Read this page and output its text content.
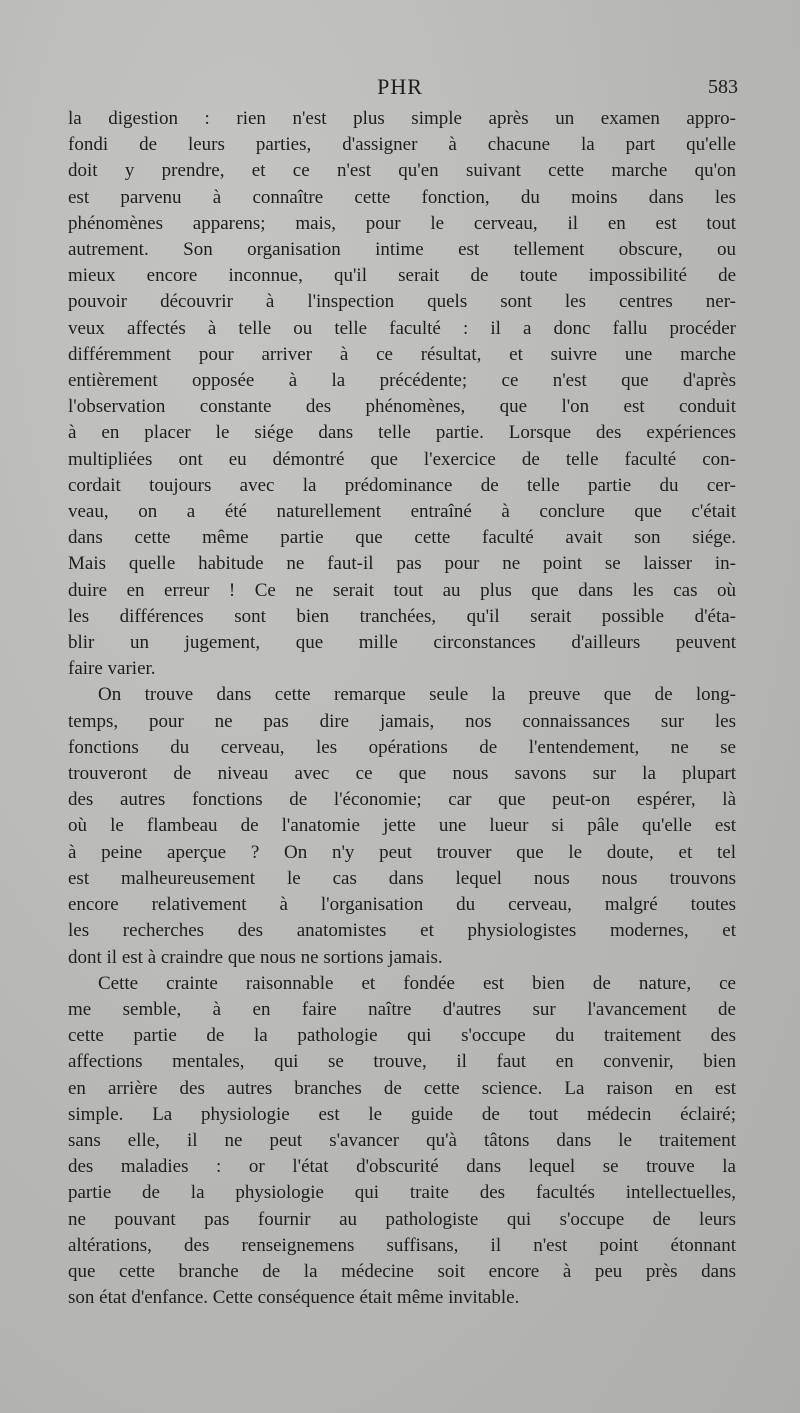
PHR	583

la digestion : rien n'est plus simple après un examen appro-
fondi de leurs parties, d'assigner à chacune la part qu'elle
doit y prendre, et ce n'est qu'en suivant cette marche qu'on
est parvenu à connaître cette fonction, du moins dans les
phénomènes apparens; mais, pour le cerveau, il en est tout
autrement. Son organisation intime est tellement obscure, ou
mieux encore inconnue, qu'il serait de toute impossibilité de
pouvoir découvrir à l'inspection quels sont les centres ner-
veux affectés à telle ou telle faculté : il a donc fallu procéder
différemment pour arriver à ce résultat, et suivre une marche
entièrement opposée à la précédente; ce n'est que d'après
l'observation constante des phénomènes, que l'on est conduit
à en placer le siége dans telle partie. Lorsque des expériences
multipliées ont eu démontré que l'exercice de telle faculté con-
cordait toujours avec la prédominance de telle partie du cer-
veau, on a été naturellement entraîné à conclure que c'était
dans cette même partie que cette faculté avait son siége.
Mais quelle habitude ne faut-il pas pour ne point se laisser in-
duire en erreur ! Ce ne serait tout au plus que dans les cas où
les différences sont bien tranchées, qu'il serait possible d'éta-
blir un jugement, que mille circonstances d'ailleurs peuvent
faire varier.

On trouve dans cette remarque seule la preuve que de long-
temps, pour ne pas dire jamais, nos connaissances sur les
fonctions du cerveau, les opérations de l'entendement, ne se
trouveront de niveau avec ce que nous savons sur la plupart
des autres fonctions de l'économie; car que peut-on espérer, là
où le flambeau de l'anatomie jette une lueur si pâle qu'elle est
à peine aperçue ? On n'y peut trouver que le doute, et tel
est malheureusement le cas dans lequel nous nous trouvons
encore relativement à l'organisation du cerveau, malgré toutes
les recherches des anatomistes et physiologistes modernes, et
dont il est à craindre que nous ne sortions jamais.

Cette crainte raisonnable et fondée est bien de nature, ce
me semble, à en faire naître d'autres sur l'avancement de
cette partie de la pathologie qui s'occupe du traitement des
affections mentales, qui se trouve, il faut en convenir, bien
en arrière des autres branches de cette science. La raison en est
simple. La physiologie est le guide de tout médecin éclairé;
sans elle, il ne peut s'avancer qu'à tâtons dans le traitement
des maladies : or l'état d'obscurité dans lequel se trouve la
partie de la physiologie qui traite des facultés intellectuelles,
ne pouvant pas fournir au pathologiste qui s'occupe de leurs
altérations, des renseignemens suffisans, il n'est point étonnant
que cette branche de la médecine soit encore à peu près dans
son état d'enfance. Cette conséquence était même invitable.
